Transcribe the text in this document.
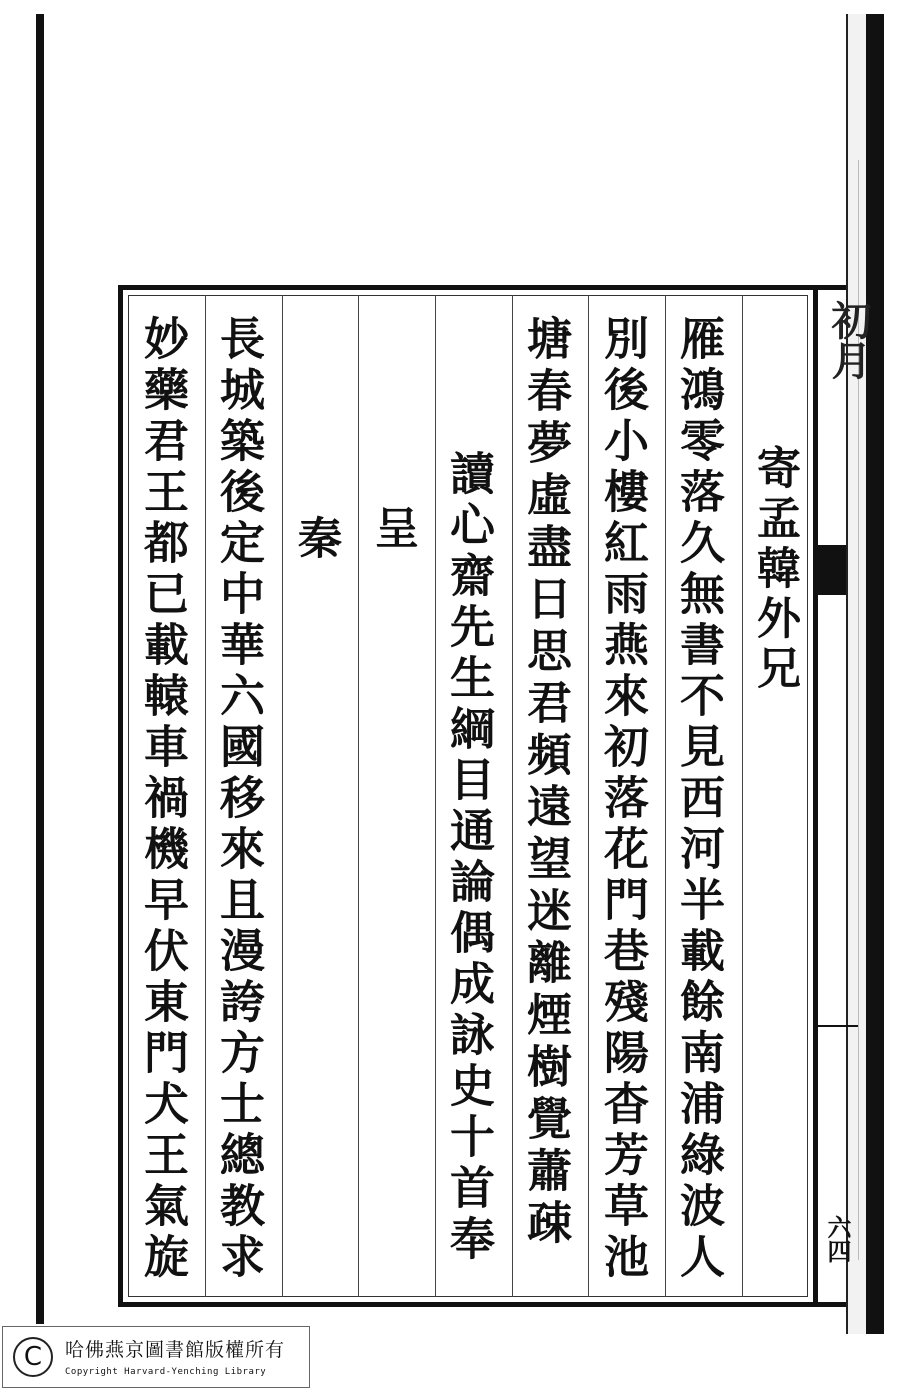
寄孟韓外兄
雁鴻零落久無書不見西河半載餘南浦綠波人
別後小樓紅雨燕來初落花門巷殘陽杳芳草池
塘春夢虛盡日思君頻遠望迷離煙樹覺蕭疎
讀心齋先生綱目通論偶成詠史十首奉
呈
秦
長城築後定中華六國移來且漫誇方士總教求
妙藥君王都已載轅車禍機早伏東門犬王氣旋	初月
六四
C	哈佛燕京圖書館版權所有
Copyright Harvard-Yenching Library
